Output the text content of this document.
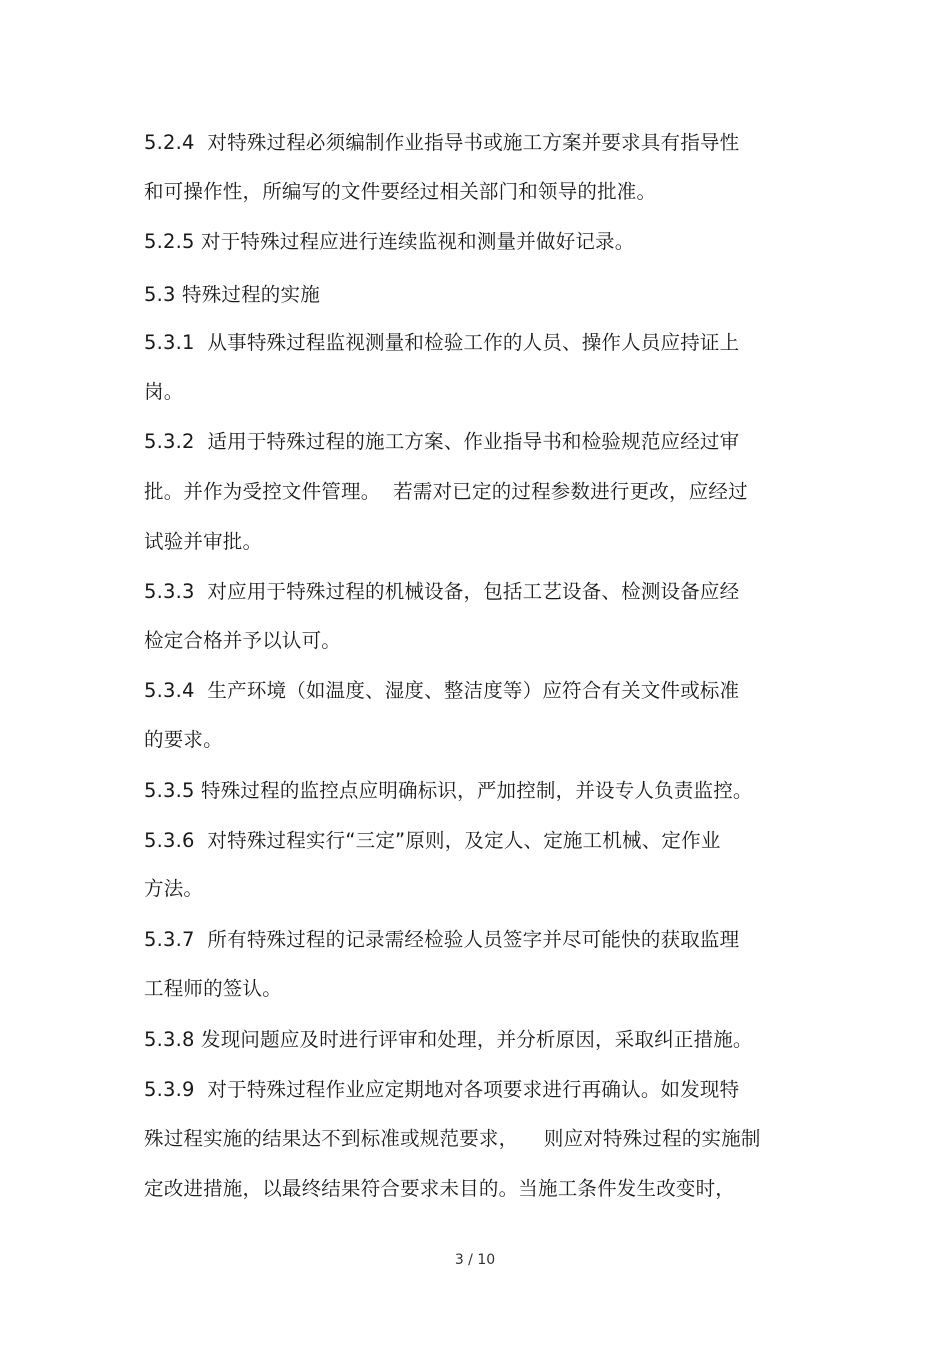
5.2.4  对特殊过程必须编制作业指导书或施工方案并要求具有指导性
和可操作性，所编写的文件要经过相关部门和领导的批准。
5.2.5 对于特殊过程应进行连续监视和测量并做好记录。
5.3 特殊过程的实施
5.3.1  从事特殊过程监视测量和检验工作的人员、操作人员应持证上
岗。
5.3.2  适用于特殊过程的施工方案、作业指导书和检验规范应经过审
批。并作为受控文件管理。  若需对已定的过程参数进行更改，应经过
试验并审批。
5.3.3  对应用于特殊过程的机械设备，包括工艺设备、检测设备应经
检定合格并予以认可。
5.3.4  生产环境（如温度、湿度、整洁度等）应符合有关文件或标准
的要求。
5.3.5 特殊过程的监控点应明确标识，严加控制，并设专人负责监控。
5.3.6  对特殊过程实行“三定”原则，及定人、定施工机械、定作业
方法。
5.3.7  所有特殊过程的记录需经检验人员签字并尽可能快的获取监理
工程师的签认。
5.3.8 发现问题应及时进行评审和处理，并分析原因，采取纠正措施。
5.3.9  对于特殊过程作业应定期地对各项要求进行再确认。如发现特
殊过程实施的结果达不到标准或规范要求，    则应对特殊过程的实施制
定改进措施，以最终结果符合要求未目的。当施工条件发生改变时，
3 / 10
